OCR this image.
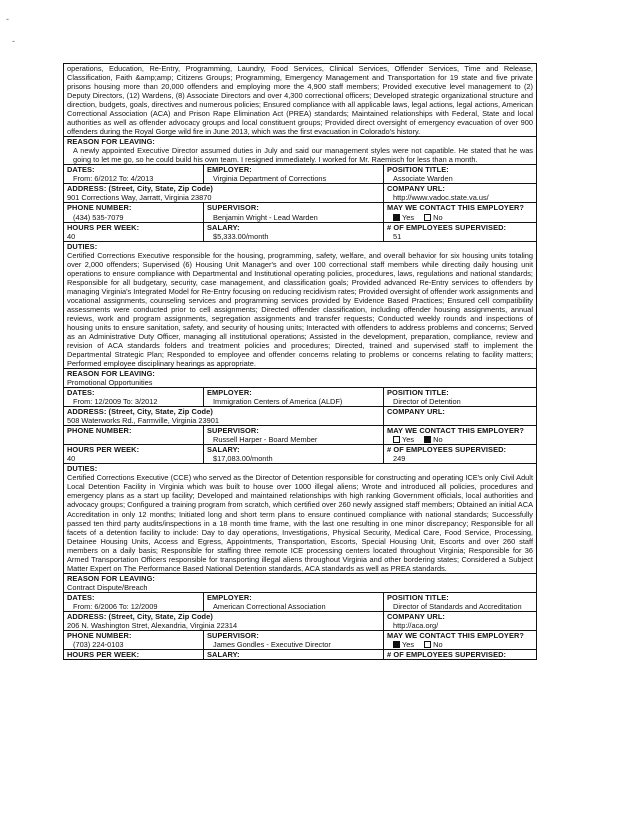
-
-
operations, Education, Re-Entry, Programming, Laundry, Food Services, Clinical Services, Offender Services, Time and Release, Classification, Faith &amp;amp; Citizens Groups; Programming, Emergency Management and Transportation for 19 state and five private prisons housing more than 20,000 offenders and employing more the 4,900 staff members; Provided executive level management to (2) Deputy Directors, (12) Wardens, (8) Associate Directors and over 4,300 correctional officers; Developed strategic organizational structure and direction, budgets, goals, directives and numerous policies; Ensured compliance with all applicable laws, legal actions, legal actions, American Correctional Association (ACA) and Prison Rape Elimination Act (PREA) standards; Maintained relationships with Federal, State and local authorities as well as offender advocacy groups and local constituent groups; Provided direct oversight of emergency evacuation of over 900 offenders during the Royal Gorge wild fire in June 2013, which was the first evacuation in Colorado's history.
REASON FOR LEAVING:
A newly appointed Executive Director assumed duties in July and said our management styles were not capatible. He stated that he was going to let me go, so he could build his own team. I resigned immediately. I worked for Mr. Raemisch for less than a month.
DATES:
From: 6/2012 To: 4/2013
EMPLOYER:
Virginia Department of Corrections
POSITION TITLE:
Associate Warden
ADDRESS: (Street, City, State, Zip Code)
901 Corrections Way, Jarratt, Virginia 23870
COMPANY URL:
http://www.vadoc.state.va.us/
PHONE NUMBER:
(434) 535-7079
SUPERVISOR:
Benjamin Wright - Lead Warden
MAY WE CONTACT THIS EMPLOYER?
Yes	No
HOURS PER WEEK:
40
SALARY:
$5,333.00/month
# OF EMPLOYEES SUPERVISED:
51
DUTIES:
Certified Corrections Executive responsible for the housing, programming, safety, welfare, and overall behavior for six housing units totaling over 2,000 offenders; Supervised (6) Housing Unit Manager's and over 100 correctional staff members while directing daily housing unit operations to ensure compliance with Departmental and Institutional operating policies, procedures, laws, regulations and national standards; Responsible for all budgetary, security, case management, and classification goals; Provided advanced Re-Entry services to offenders by managing Virginia's Integrated Model for Re-Entry focusing on reducing recidivism rates; Provided oversight of offender work assignments and vocational assignments, counseling services and programming services provided by Evidence Based Practices; Ensured cell compatibility assessments were conducted prior to cell assignments; Directed offender classification, including offender housing assignments, annual reviews, work and program assignments, segregation assignments and transfer requests; Conducted weekly rounds and inspections of housing units to ensure sanitation, safety, and security of housing units; Interacted with offenders to address problems and concerns; Served as an Administrative Duty Officer, managing all institutional operations; Assisted in the development, preparation, compliance, review and revision of ACA standards folders and treatment policies and procedures; Directed, trained and supervised staff to implement the Departmental Strategic Plan; Responded to employee and offender concerns relating to problems or concerns relating to facility matters; Performed employee disciplinary hearings as appropriate.
REASON FOR LEAVING:
Promotional Opportunities
DATES:
From: 12/2009 To: 3/2012
EMPLOYER:
Immigration Centers of America (ALDF)
POSITION TITLE:
Director of Detention
ADDRESS: (Street, City, State, Zip Code)
508 Waterworks Rd., Farmville, Virginia 23901
COMPANY URL:
PHONE NUMBER:	SUPERVISOR:
Russell Harper - Board Member
MAY WE CONTACT THIS EMPLOYER?
Yes	No
HOURS PER WEEK:
40
SALARY:
$17,083.00/month
# OF EMPLOYEES SUPERVISED:
249
DUTIES:
Certified Corrections Executive (CCE) who served as the Director of Detention responsible for constructing and operating ICE's only Civil Adult Local Detention Facility in Virginia which was built to house over 1000 illegal aliens; Wrote and introduced all policies, procedures and emergency plans as a start up facility; Developed and maintained relationships with high ranking Government officials, local authorities and advocacy groups; Configured a training program from scratch, which certified over 260 newly assigned staff members; Obtained an initial ACA Accreditation in only 12 months; Initiated long and short term plans to ensure continued compliance with national standards; Successfully passed ten third party audits/inspections in a 18 month time frame, with the last one resulting in one minor discrepancy; Responsible for all facets of a detention facility to include: Day to day operations, Investigations, Physical Security, Medical Care, Food Service, Processing, Detainee Housing Units, Access and Egress, Appointments, Transportation, Escorts, Special Housing Unit, Escorts and over 260 staff members on a daily basis; Responsible for staffing three remote ICE processing centers located throughout Virginia; Responsible for 36 Armed Transportation Officers responsible for transporting illegal aliens throughout Virginia and other bordering states; Considered a Subject Matter Expert on The Performance Based National Detention standards, ACA standards as well as PREA standards.
REASON FOR LEAVING:
Contract Dispute/Breach
DATES:
From: 6/2006 To: 12/2009
EMPLOYER:
American Correctional Association
POSITION TITLE:
Director of Standards and Accreditation
ADDRESS: (Street, City, State, Zip Code)
206 N. Washington Stret, Alexandria, Virginia 22314
COMPANY URL:
http://aca.org/
PHONE NUMBER:
(703) 224-0103
SUPERVISOR:
James Gondles - Executive Director
MAY WE CONTACT THIS EMPLOYER?
Yes	No
HOURS PER WEEK:	SALARY:	# OF EMPLOYEES SUPERVISED:
